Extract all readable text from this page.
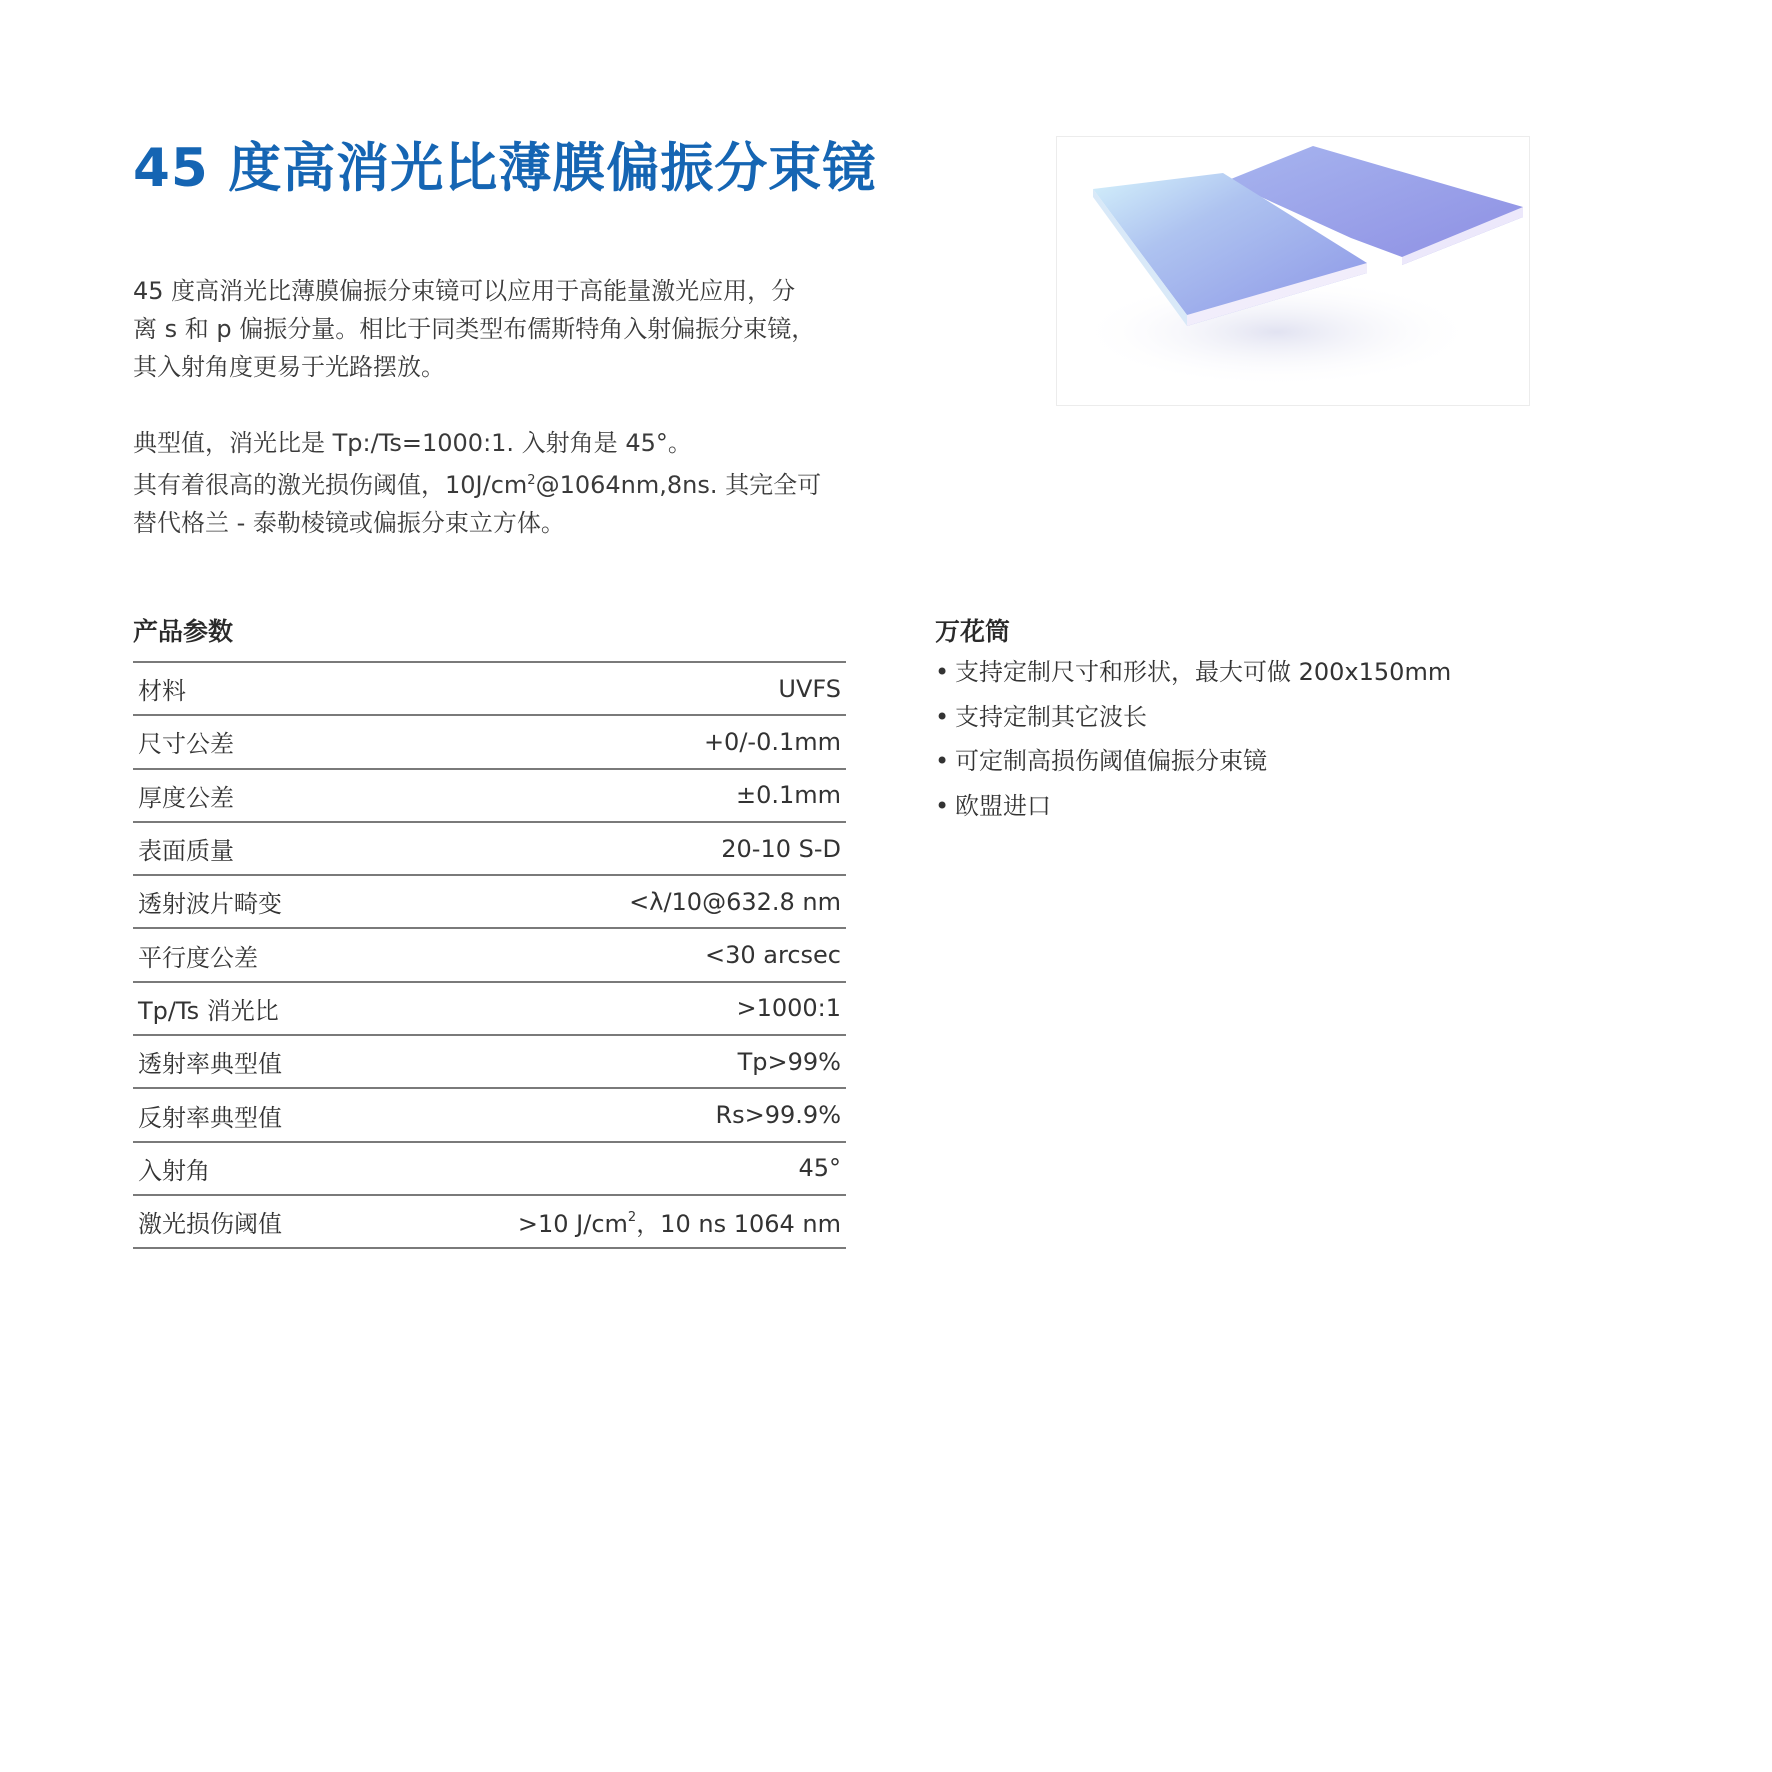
45 度高消光比薄膜偏振分束镜

45 度高消光比薄膜偏振分束镜可以应用于高能量激光应用，分

离 s 和 p 偏振分量。相比于同类型布儒斯特角入射偏振分束镜，

其入射角度更易于光路摆放。

典型值，消光比是 Tp:/Ts=1000:1. 入射角是 45°。

其有着很高的激光损伤阈值，$10J/cm^2@1064nm,8ns$. 其完全可

替代格兰 - 泰勒棱镜或偏振分束立方体。

产品参数
材料	UVFS
尺寸公差	+0/-0.1mm
厚度公差	±0.1mm
表面质量	20-10 S-D
透射波片畸变	<λ/10@632.8 nm
平行度公差	<30 arcsec
Tp/Ts 消光比	>1000:1
透射率典型值	Tp>99%
反射率典型值	Rs>99.9%
入射角	45°
激光损伤阈值	>10 $J/cm^2$，10 ns 1064 nm
万花筒
• 支持定制尺寸和形状，最大可做 200x150mm
• 支持定制其它波长
• 可定制高损伤阈值偏振分束镜
• 欧盟进口
